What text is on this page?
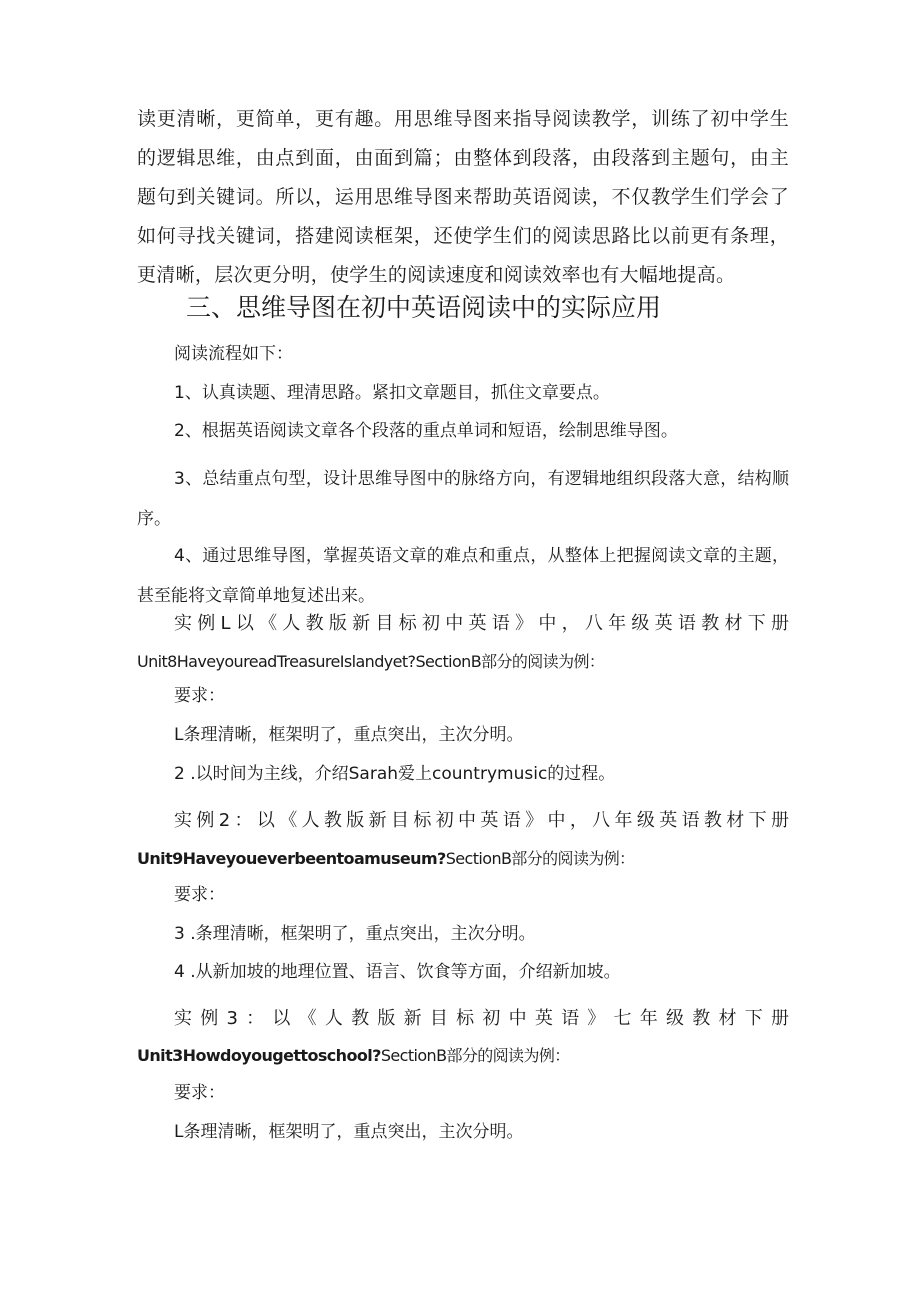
读更清晰，更简单，更有趣。用思维导图来指导阅读教学，训练了初中学生的逻辑思维，由点到面，由面到篇；由整体到段落，由段落到主题句，由主题句到关键词。所以，运用思维导图来帮助英语阅读，不仅教学生们学会了如何寻找关键词，搭建阅读框架，还使学生们的阅读思路比以前更有条理，更清晰，层次更分明，使学生的阅读速度和阅读效率也有大幅地提高。

三、思维导图在初中英语阅读中的实际应用

阅读流程如下：

1、认真读题、理清思路。紧扣文章题目，抓住文章要点。

2、根据英语阅读文章各个段落的重点单词和短语，绘制思维导图。

3、总结重点句型，设计思维导图中的脉络方向，有逻辑地组织段落大意，结构顺序。

4、通过思维导图，掌握英语文章的难点和重点，从整体上把握阅读文章的主题，甚至能将文章简单地复述出来。

实例L以《人教版新目标初中英语》中，八年级英语教材下册

Unit8HaveyoureadTreasureIslandyet?SectionB部分的阅读为例：

要求：

L条理清晰，框架明了，重点突出，主次分明。

2 .以时间为主线，介绍Sarah爱上countrymusic的过程。

实例2：以《人教版新目标初中英语》中，八年级英语教材下册

Unit9Haveyoueverbeentoamuseum?SectionB部分的阅读为例：

要求：

3 .条理清晰，框架明了，重点突出，主次分明。

4 .从新加坡的地理位置、语言、饮食等方面，介绍新加坡。

实例3：以《人教版新目标初中英语》七年级教材下册

Unit3Howdoyougettoschool?SectionB部分的阅读为例：

要求：

L条理清晰，框架明了，重点突出，主次分明。
